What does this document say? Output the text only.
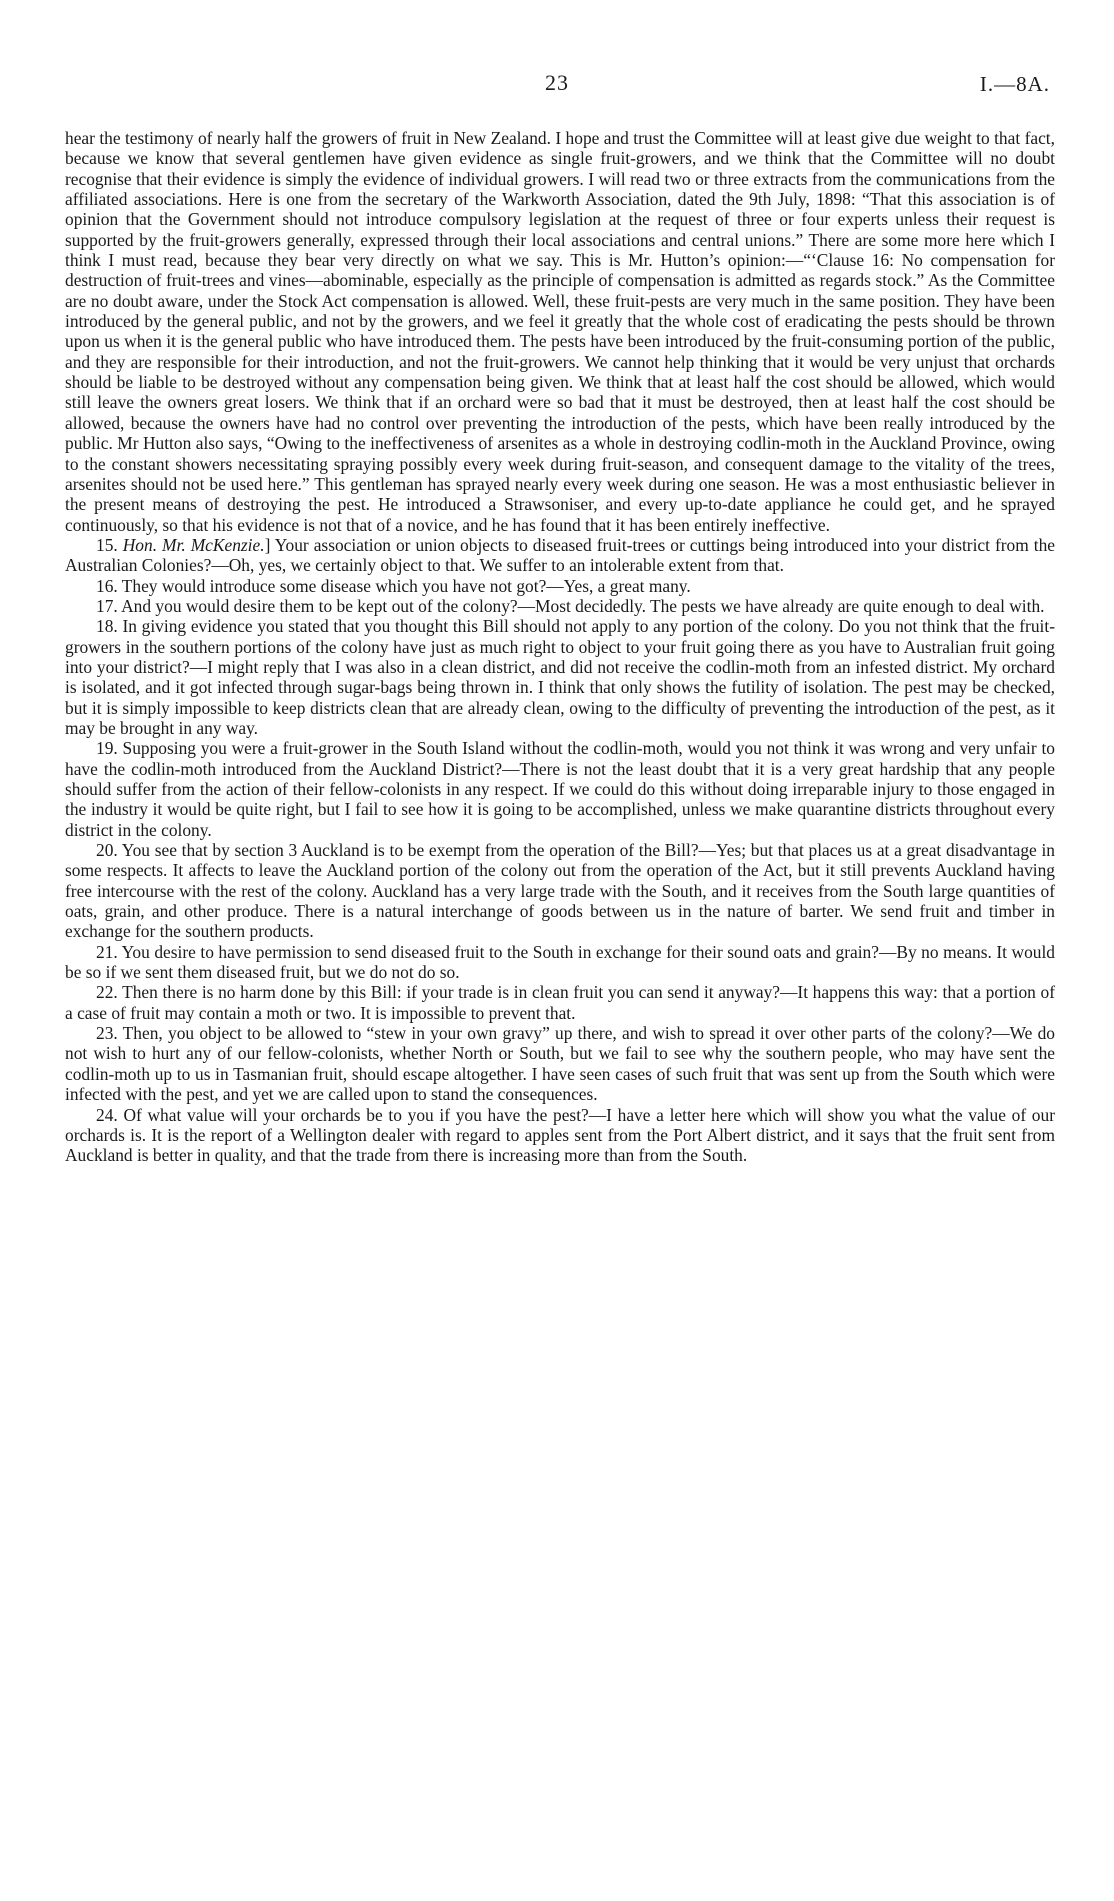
23	I.—8A.

hear the testimony of nearly half the growers of fruit in New Zealand. I hope and trust the Committee will at least give due weight to that fact, because we know that several gentlemen have given evidence as single fruit-growers, and we think that the Committee will no doubt recognise that their evidence is simply the evidence of individual growers. I will read two or three extracts from the communications from the affiliated associations. Here is one from the secretary of the Warkworth Association, dated the 9th July, 1898: “That this association is of opinion that the Government should not introduce compulsory legislation at the request of three or four experts unless their request is supported by the fruit-growers generally, expressed through their local associations and central unions.” There are some more here which I think I must read, because they bear very directly on what we say. This is Mr. Hutton’s opinion:—“‘Clause 16: No compensation for destruction of fruit-trees and vines—abominable, especially as the principle of compensation is admitted as regards stock.” As the Committee are no doubt aware, under the Stock Act compensation is allowed. Well, these fruit-pests are very much in the same position. They have been introduced by the general public, and not by the growers, and we feel it greatly that the whole cost of eradicating the pests should be thrown upon us when it is the general public who have introduced them. The pests have been introduced by the fruit-consuming portion of the public, and they are responsible for their introduction, and not the fruit-growers. We cannot help thinking that it would be very unjust that orchards should be liable to be destroyed without any compensation being given. We think that at least half the cost should be allowed, which would still leave the owners great losers. We think that if an orchard were so bad that it must be destroyed, then at least half the cost should be allowed, because the owners have had no control over preventing the introduction of the pests, which have been really introduced by the public. Mr Hutton also says, “Owing to the ineffectiveness of arsenites as a whole in destroying codlin-moth in the Auckland Province, owing to the constant showers necessitating spraying possibly every week during fruit-season, and consequent damage to the vitality of the trees, arsenites should not be used here.” This gentleman has sprayed nearly every week during one season. He was a most enthusiastic believer in the present means of destroying the pest. He introduced a Strawsoniser, and every up-to-date appliance he could get, and he sprayed continuously, so that his evidence is not that of a novice, and he has found that it has been entirely ineffective.

15. Hon. Mr. McKenzie.] Your association or union objects to diseased fruit-trees or cuttings being introduced into your district from the Australian Colonies?—Oh, yes, we certainly object to that. We suffer to an intolerable extent from that.

16. They would introduce some disease which you have not got?—Yes, a great many.

17. And you would desire them to be kept out of the colony?—Most decidedly. The pests we have already are quite enough to deal with.

18. In giving evidence you stated that you thought this Bill should not apply to any portion of the colony. Do you not think that the fruit-growers in the southern portions of the colony have just as much right to object to your fruit going there as you have to Australian fruit going into your district?—I might reply that I was also in a clean district, and did not receive the codlin-moth from an infested district. My orchard is isolated, and it got infected through sugar-bags being thrown in. I think that only shows the futility of isolation. The pest may be checked, but it is simply impossible to keep districts clean that are already clean, owing to the difficulty of preventing the introduction of the pest, as it may be brought in any way.

19. Supposing you were a fruit-grower in the South Island without the codlin-moth, would you not think it was wrong and very unfair to have the codlin-moth introduced from the Auckland District?—There is not the least doubt that it is a very great hardship that any people should suffer from the action of their fellow-colonists in any respect. If we could do this without doing irreparable injury to those engaged in the industry it would be quite right, but I fail to see how it is going to be accomplished, unless we make quarantine districts throughout every district in the colony.

20. You see that by section 3 Auckland is to be exempt from the operation of the Bill?—Yes; but that places us at a great disadvantage in some respects. It affects to leave the Auckland portion of the colony out from the operation of the Act, but it still prevents Auckland having free intercourse with the rest of the colony. Auckland has a very large trade with the South, and it receives from the South large quantities of oats, grain, and other produce. There is a natural interchange of goods between us in the nature of barter. We send fruit and timber in exchange for the southern products.

21. You desire to have permission to send diseased fruit to the South in exchange for their sound oats and grain?—By no means. It would be so if we sent them diseased fruit, but we do not do so.

22. Then there is no harm done by this Bill: if your trade is in clean fruit you can send it anyway?—It happens this way: that a portion of a case of fruit may contain a moth or two. It is impossible to prevent that.

23. Then, you object to be allowed to “stew in your own gravy” up there, and wish to spread it over other parts of the colony?—We do not wish to hurt any of our fellow-colonists, whether North or South, but we fail to see why the southern people, who may have sent the codlin-moth up to us in Tasmanian fruit, should escape altogether. I have seen cases of such fruit that was sent up from the South which were infected with the pest, and yet we are called upon to stand the consequences.

24. Of what value will your orchards be to you if you have the pest?—I have a letter here which will show you what the value of our orchards is. It is the report of a Wellington dealer with regard to apples sent from the Port Albert district, and it says that the fruit sent from Auckland is better in quality, and that the trade from there is increasing more than from the South.
